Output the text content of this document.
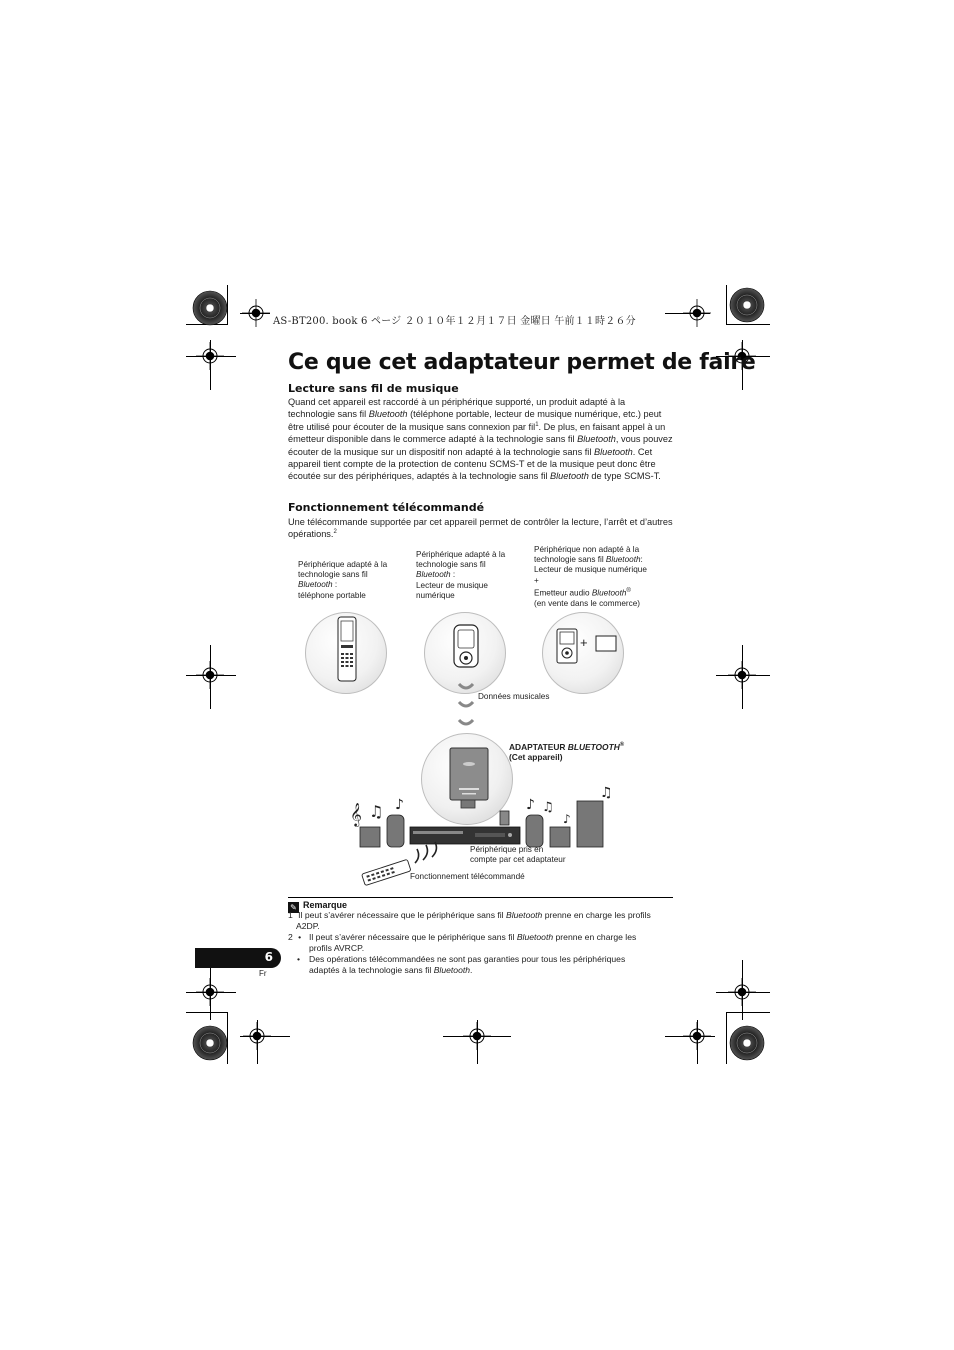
AS-BT200. book 6 ページ ２０１０年１２月１７日 金曜日 午前１１時２６分
Ce que cet adaptateur permet de faire
Lecture sans fil de musique

Quand cet appareil est raccordé à un périphérique supporté, un produit adapté à la technologie sans fil Bluetooth (téléphone portable, lecteur de musique numérique, etc.) peut être utilisé pour écouter de la musique sans connexion par fil$^1$. De plus, en faisant appel à un émetteur disponible dans le commerce adapté à la technologie sans fil Bluetooth, vous pouvez écouter de la musique sur un dispositif non adapté à la technologie sans fil Bluetooth. Cet appareil tient compte de la protection de contenu SCMS-T et de la musique peut donc être écoutée sur des périphériques, adaptés à la technologie sans fil Bluetooth de type SCMS-T.

Fonctionnement télécommandé

Une télécommande supportée par cet appareil permet de contrôler la lecture, l’arrêt et d’autres opérations.$^2$

Périphérique adapté à la
technologie sans fil
Bluetooth :
téléphone portable
Périphérique adapté à la
technologie sans fil
Bluetooth :
Lecteur de musique
numérique
Périphérique non adapté à la
technologie sans fil Bluetooth:
Lecteur de musique numérique
+
Emetteur audio Bluetooth®
(en vente dans le commerce)
+
Données musicales
ADAPTATEUR BLUETOOTH®
(Cet appareil)
𝄞 ♫ ♪	♪ ♫
♪
♫
Périphérique pris en
compte par cet adaptateur
Fonctionnement télécommandé
✎ Remarque
1 Il peut s’avérer nécessaire que le périphérique sans fil Bluetooth prenne en charge les profils
A2DP.
2 • Il peut s’avérer nécessaire que le périphérique sans fil Bluetooth prenne en charge les
profils AVRCP.
• Des opérations télécommandées ne sont pas garanties pour tous les périphériques
adaptés à la technologie sans fil Bluetooth.
6
Fr
